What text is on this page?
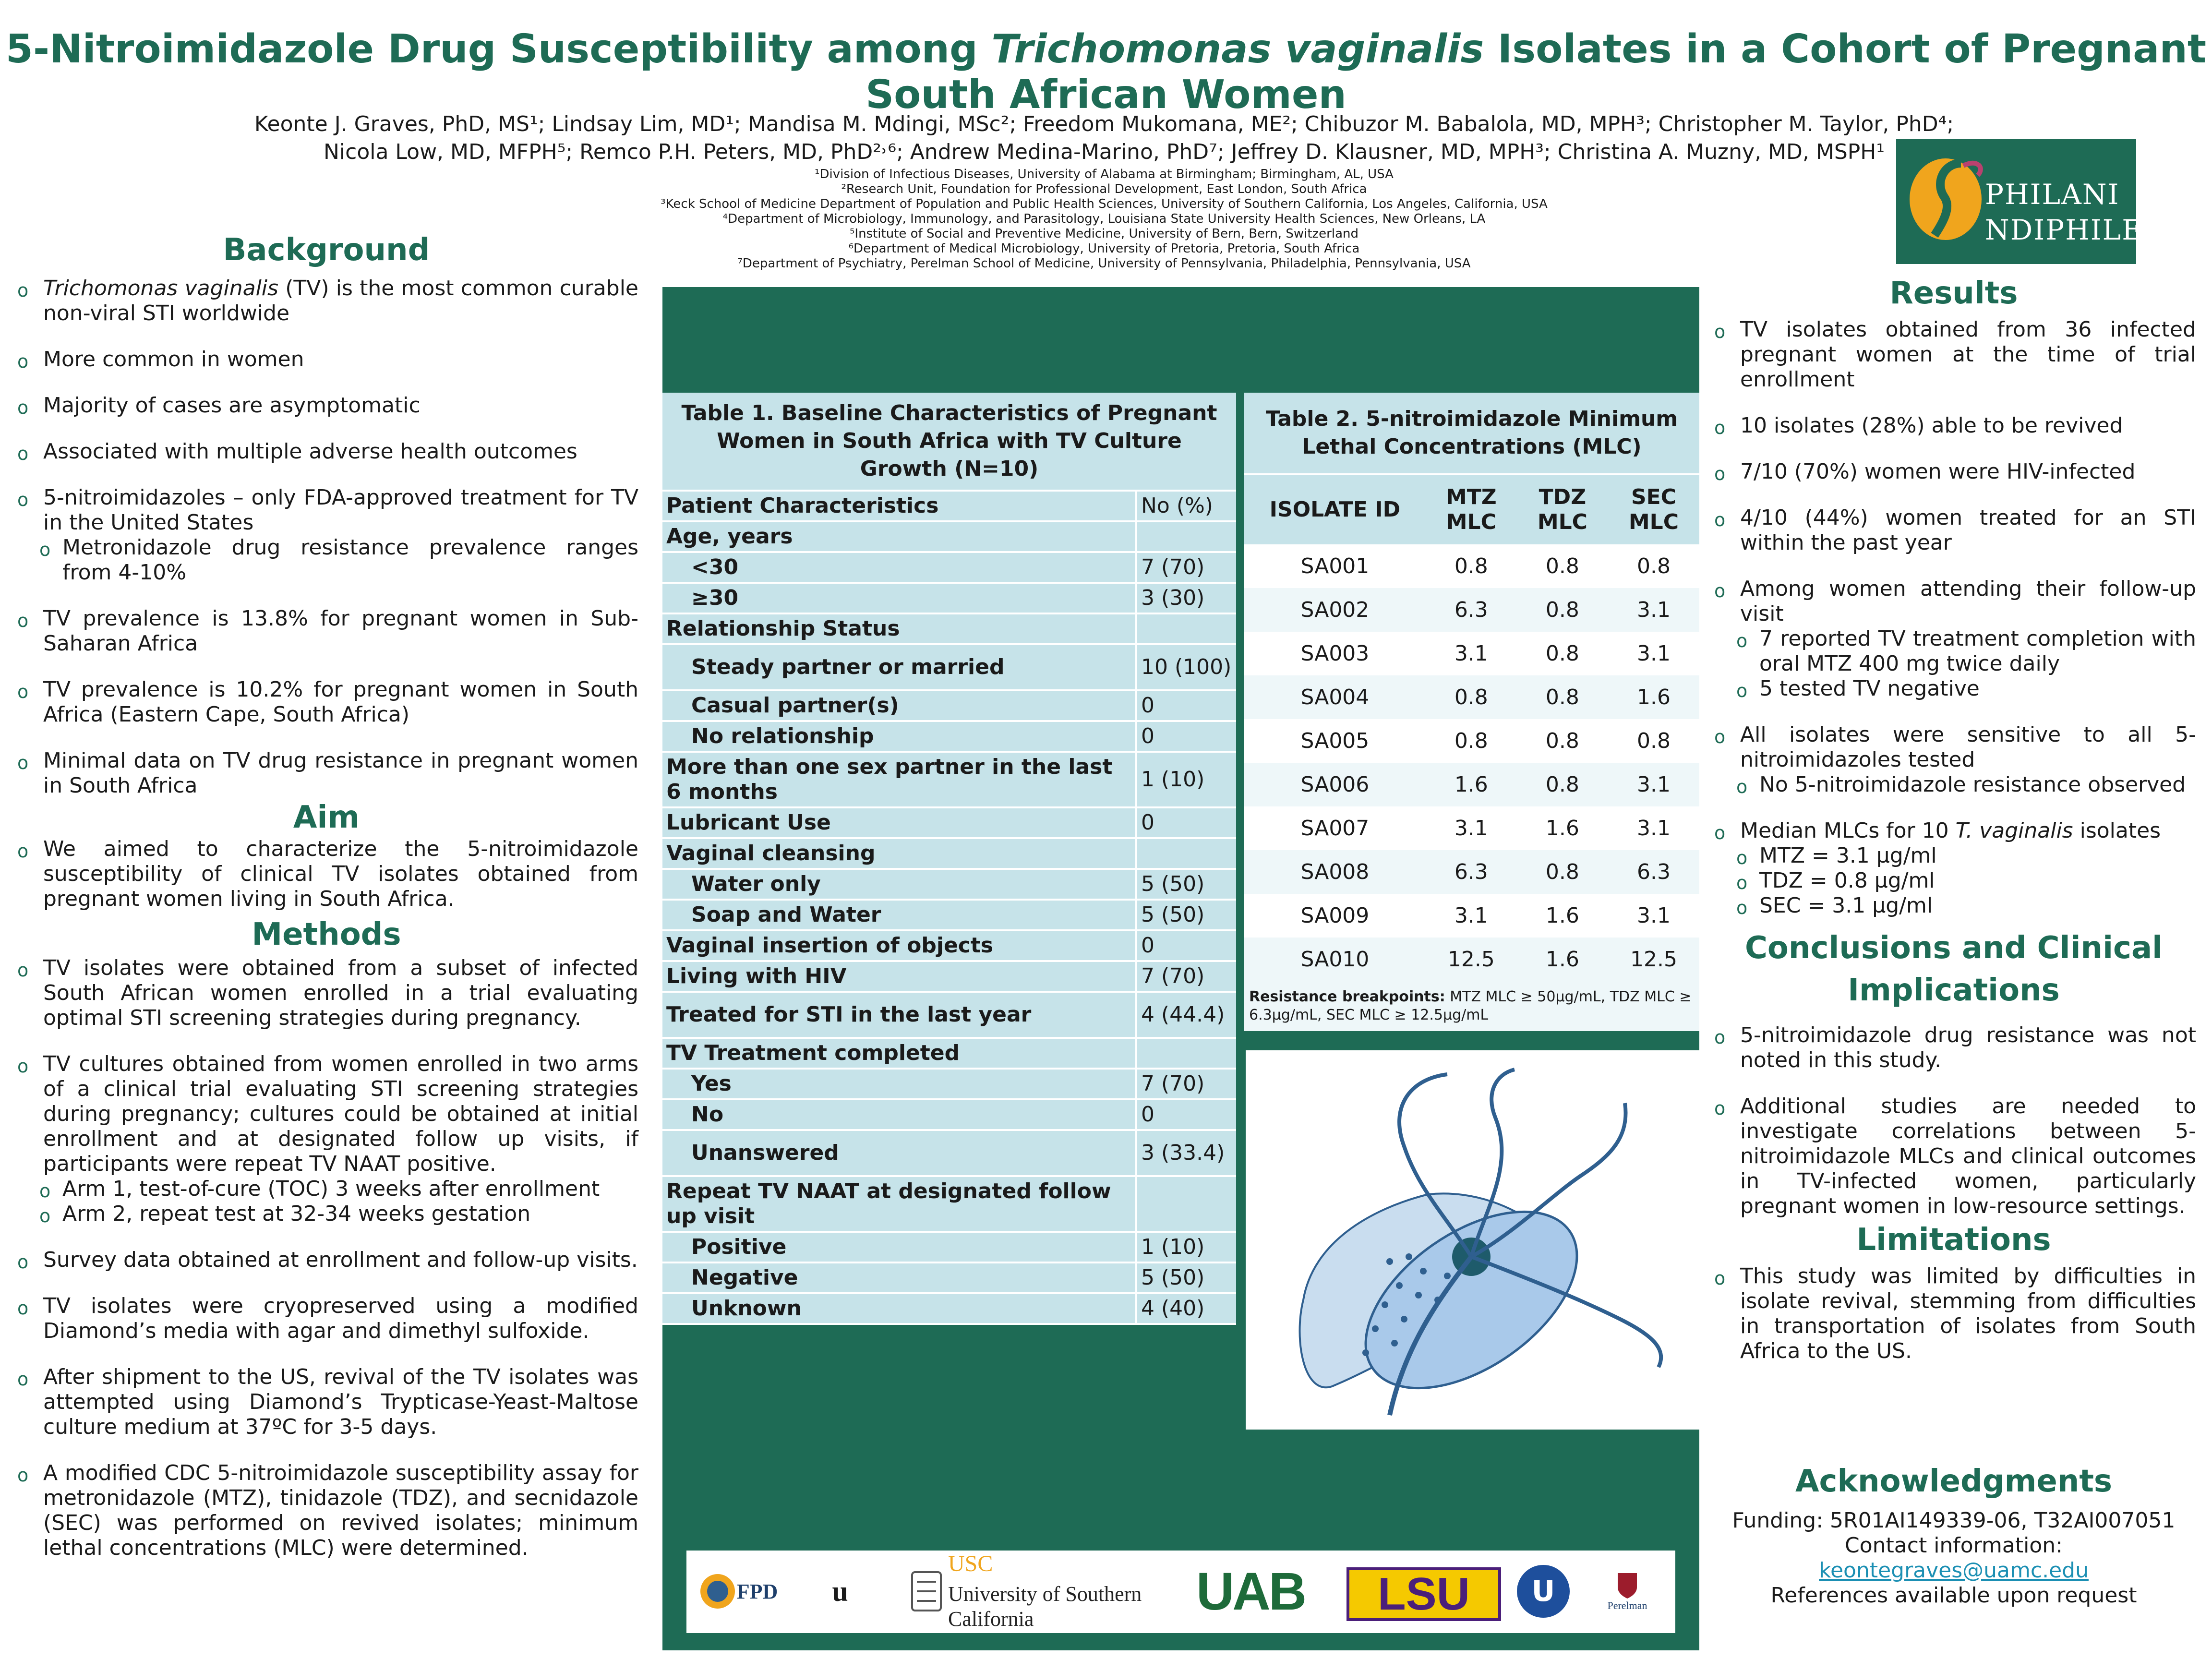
5-Nitroimidazole Drug Susceptibility among Trichomonas vaginalis Isolates in a Cohort of Pregnant South African Women
Keonte J. Graves, PhD, MS¹; Lindsay Lim, MD¹; Mandisa M. Mdingi, MSc²; Freedom Mukomana, ME²; Chibuzor M. Babalola, MD, MPH³; Christopher M. Taylor, PhD⁴;
Nicola Low, MD, MFPH⁵; Remco P.H. Peters, MD, PhD²˒⁶; Andrew Medina-Marino, PhD⁷; Jeffrey D. Klausner, MD, MPH³; Christina A. Muzny, MD, MSPH¹
¹Division of Infectious Diseases, University of Alabama at Birmingham; Birmingham, AL, USA
²Research Unit, Foundation for Professional Development, East London, South Africa
³Keck School of Medicine Department of Population and Public Health Sciences, University of Southern California, Los Angeles, California, USA
⁴Department of Microbiology, Immunology, and Parasitology, Louisiana State University Health Sciences, New Orleans, LA
⁵Institute of Social and Preventive Medicine, University of Bern, Bern, Switzerland
⁶Department of Medical Microbiology, University of Pretoria, Pretoria, South Africa
⁷Department of Psychiatry, Perelman School of Medicine, University of Pennsylvania, Philadelphia, Pennsylvania, USA
PHILANI
NDIPHILE
Background
o Trichomonas vaginalis (TV) is the most common curable non-viral STI worldwide
o More common in women
o Majority of cases are asymptomatic
o Associated with multiple adverse health outcomes
o 5-nitroimidazoles – only FDA-approved treatment for TV in the United States
o Metronidazole drug resistance prevalence ranges from 4-10%
o TV prevalence is 13.8% for pregnant women in Sub-Saharan Africa
o TV prevalence is 10.2% for pregnant women in South Africa (Eastern Cape, South Africa)
o Minimal data on TV drug resistance in pregnant women in South Africa
Aim
o We aimed to characterize the 5-nitroimidazole susceptibility of clinical TV isolates obtained from pregnant women living in South Africa.
Methods
o TV isolates were obtained from a subset of infected South African women enrolled in a trial evaluating optimal STI screening strategies during pregnancy.
o TV cultures obtained from women enrolled in two arms of a clinical trial evaluating STI screening strategies during pregnancy; cultures could be obtained at initial enrollment and at designated follow up visits, if participants were repeat TV NAAT positive.
o Arm 1, test-of-cure (TOC) 3 weeks after enrollment
o Arm 2, repeat test at 32-34 weeks gestation
o Survey data obtained at enrollment and follow-up visits.
o TV isolates were cryopreserved using a modified Diamond’s media with agar and dimethyl sulfoxide.
o After shipment to the US, revival of the TV isolates was attempted using Diamond’s Trypticase-Yeast-Maltose culture medium at 37ºC for 3-5 days.
o A modified CDC 5-nitroimidazole susceptibility assay for metronidazole (MTZ), tinidazole (TDZ), and secnidazole (SEC) was performed on revived isolates; minimum lethal concentrations (MLC) were determined.
Table 1. Baseline Characteristics of Pregnant Women in South Africa with TV Culture Growth (N=10)
Patient Characteristics	No (%)
Age, years	
<30	7 (70)
≥30	3 (30)
Relationship Status	
Steady partner or married	10 (100)
Casual partner(s)	0
No relationship	0
More than one sex partner in the last 6 months	1 (10)
Lubricant Use	0
Vaginal cleansing	
Water only	5 (50)
Soap and Water	5 (50)
Vaginal insertion of objects	0
Living with HIV	7 (70)
Treated for STI in the last year	4 (44.4)
TV Treatment completed	
Yes	7 (70)
No	0
Unanswered	3 (33.4)
Repeat TV NAAT at designated follow up visit	
Positive	1 (10)
Negative	5 (50)
Unknown	4 (40)
Table 2. 5-nitroimidazole Minimum Lethal Concentrations (MLC)
ISOLATE ID	MTZ MLC	TDZ MLC	SEC MLC
SA001	0.8	0.8	0.8
SA002	6.3	0.8	3.1
SA003	3.1	0.8	3.1
SA004	0.8	0.8	1.6
SA005	0.8	0.8	0.8
SA006	1.6	0.8	3.1
SA007	3.1	1.6	3.1
SA008	6.3	0.8	6.3
SA009	3.1	1.6	3.1
SA010	12.5	1.6	12.5
Resistance breakpoints: MTZ MLC ≥ 50μg/mL, TDZ MLC ≥ 6.3μg/mL, SEC MLC ≥ 12.5μg/mL
FPD u
USC
University of Southern California	UAB LSU	U	Perelman
Results
o TV isolates obtained from 36 infected pregnant women at the time of trial enrollment
o 10 isolates (28%) able to be revived
o 7/10 (70%) women were HIV-infected
o 4/10 (44%) women treated for an STI within the past year
o Among women attending their follow-up visit
o 7 reported TV treatment completion with oral MTZ 400 mg twice daily
o 5 tested TV negative
o All isolates were sensitive to all 5-nitroimidazoles tested
o No 5-nitroimidazole resistance observed
o Median MLCs for 10 T. vaginalis isolates
o MTZ = 3.1 μg/ml
o TDZ = 0.8 μg/ml
o SEC = 3.1 μg/ml
Conclusions and Clinical Implications
o 5-nitroimidazole drug resistance was not noted in this study.
o Additional studies are needed to investigate correlations between 5-nitroimidazole MLCs and clinical outcomes in TV-infected women, particularly pregnant women in low-resource settings.
Limitations
o This study was limited by difficulties in isolate revival, stemming from difficulties in transportation of isolates from South Africa to the US.
Acknowledgments
Funding: 5R01AI149339-06, T32AI007051
Contact information: keontegraves@uamc.edu
References available upon request
